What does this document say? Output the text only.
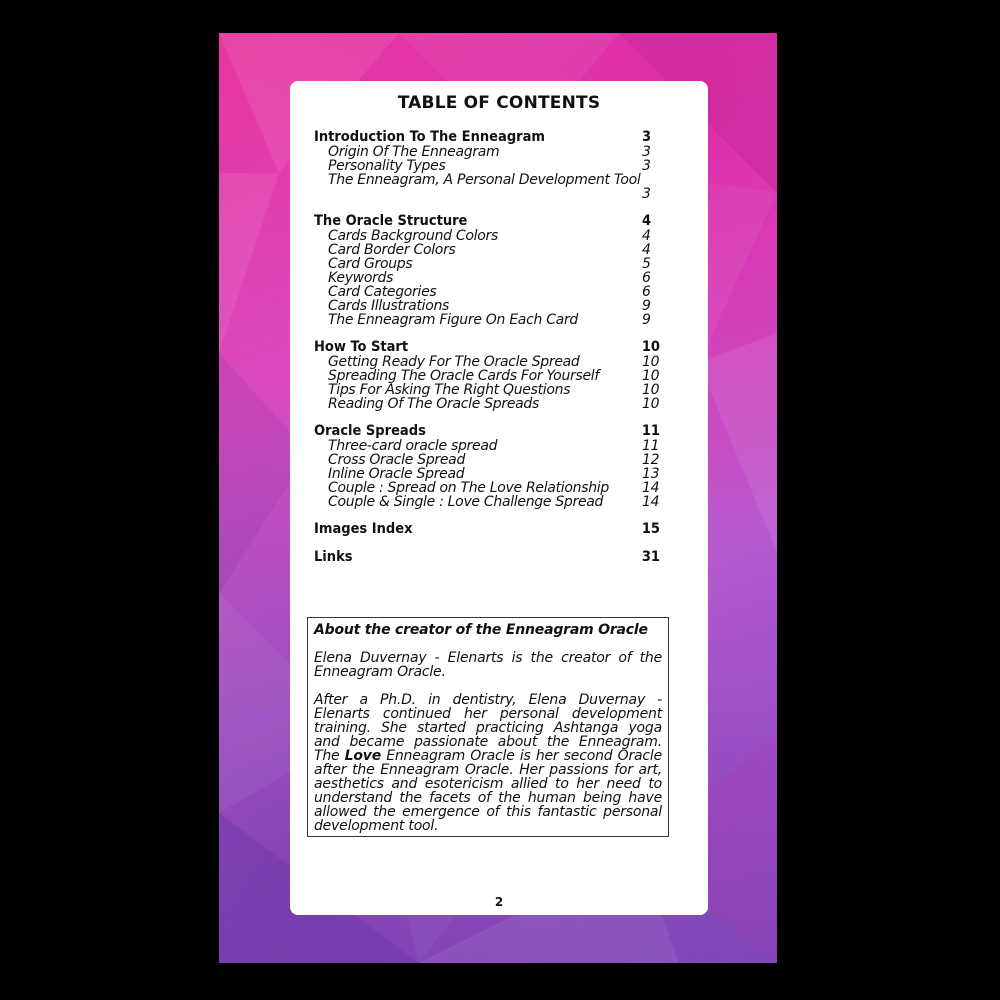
TABLE OF CONTENTS
Introduction To The Enneagram	3
Origin Of The Enneagram	3
Personality Types	3
The Enneagram, A Personal Development Tool
3
The Oracle Structure	4
Cards Background Colors	4
Card Border Colors	4
Card Groups	5
Keywords	6
Card Categories	6
Cards Illustrations	9
The Enneagram Figure On Each Card	9
How To Start	10
Getting Ready For The Oracle Spread	10
Spreading The Oracle Cards For Yourself	10
Tips For Asking The Right Questions	10
Reading Of The Oracle Spreads	10
Oracle Spreads	11
Three-card oracle spread	11
Cross Oracle Spread	12
Inline Oracle Spread	13
Couple : Spread on The Love Relationship 14
Couple & Single : Love Challenge Spread	14
Images Index	15
Links	31
About the creator of the Enneagram Oracle

Elena Duvernay - Elenarts is the creator of the Enneagram Oracle.

After a Ph.D. in dentistry, Elena Duvernay - Elenarts continued her personal development training. She started practicing Ashtanga yoga and became passionate about the Enneagram. The Love Enneagram Oracle is her second Oracle after the Enneagram Oracle. Her passions for art, aesthetics and esotericism allied to her need to understand the facets of the human being have allowed the emergence of this fantastic personal development tool.

2
